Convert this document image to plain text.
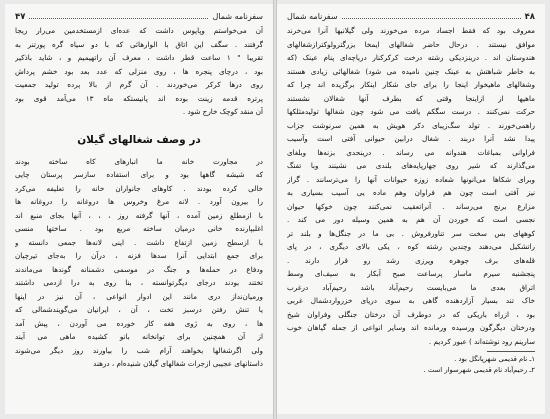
سفرنامه شمال
۴۷
آن می‌خواستم وپاپوس داشت که عده‌ای ازمستخدمین می‌رار ریجا
گرفتند . سگف این اتاق با الوارهائی که با دو سیاه گره پورتنر به
تقریبا " ۱ ساعت قطر داشت ، معرف آن راتهیمیم و ، شاید باذکیر
بود ، درچای پنجره ها ، روی منزلی که عدد بعد بود خشم پرداش
روی درها کرکر می‌خوردند . آن گرم از بالا پرده تولید جمعیت
پرتره قدمه زینت بوده اند پانیستکه ماه ۱۳ می‌آمد قوی بود
آن منقد کوچک خارج شود .
در وصف شغالهای گیلان
در مجاورت خانه ما انبارهای کاه ساخته بودند
که شیشه گاهها بود و برای استفاده سازسر پرستان چایی
خالی کرده بودند . کاوهای جانواران خانه را تعلیفه می‌کرد
را بیرون آورد . لانه مرغ وخروس ها دروغانه را دروغانه ها
با ازمطلع زمین آمده ، آنها گرفته روز ، ، ، آنها بجای منبع اند
اغلبپارنده خانی درمیان ساخته مربع بود . ساختها منسی
با ازسطح زمین ازتفاع داشت . اینی لانه‌ها جمعی دانسته و
برای جمع ابتدایی آنرا سدها فزنه ، درآن را به‌جای تیرچیان
ودفاع در حمله‌ها و جنگ در موسمی دشمنانه گوندها می‌ماندند
تختند بودند درجای دیگرتوانسته ، بنا روی به درا ازدمی داشتند
ورمیان‌نداز دری مانند این ادوار انواعی ، آن نیز در اینها
یا تنش رفتن درسبز تخت ، آن ، ایرانیان می‌گویندشمالی که
ها ، روی به ژوی هغه کار خورده می آوردن ، پیش آمد
از آن همچنین برای توانخانه بانو کشیده ماهی می آیند
ولی اگرشغالها بخواهند آرام شب را بیاورند روز دیگر می‌شوند
داستانهای عجیبی ازجرات شغالهای گیلان شنیده‌ام ، درهند
۴۸
سفرنامه شمال
معروف بود که فقط اجساد مرده می‌خورند ولی گیلانیها آنرا می‌خرند
موافق نیستند . درحال حاضر شغالهای ایمخا بزرگترولوکترازشغالهای
هندوستان اند . درینزدیکی رشته درخت کرکرکنار دریاچه‌ای پنام عینک (که
به خاطر شباهتش به عینک چنین نامیده می شود) شغالهائی زیادی هستند
وشغالهای ماهیخوار اینجا را برای جای شکار اینکار برگزیده اند چرا که
ماهیها از ازاینجا وقتی که بطرف آنها شغالان نشستند
حرکت نمی‌کنند . درست سگکم یافت می شود چون شغالها تولیدمثلکها
راهمی‌خورند . تولد سگ‌زیبای دکر هویش به همین سرنوشت جزاب
پیدا نشد آنرا دربند . شغال درابین حیوانی آفتی است وآسیب
فراوانی بمباغات هندوانه می رساند . درینحدی بزنه‌ها وبلغای
می‌گذارند که شیر روی جهارپایه‌های بلندی می نشینند وبا تفنگ
وبرای شکاها می‌انونها شعاده زوزه حیوانات آنها را می‌ترسانند . گراز
نیز آفتی است چون هم فراوان وهم ماده یی آسیب بسیاری به
مزارع برنج می‌رساند . آنراتعقیب نمی‌کنند چون خوکها حیوان
نجسی است که خوردن آن هم به همین وسیله دور می کند .
کوههای بس سخت سر تناورفروش . بی ما در جنگل‌ها و بلند تر
راتشکیل می‌دهند وچندین رشته کوه ، یکی بالای دیگری ، در پای
قله‌های برف جوهره وپرزی رشد رو قرار دارند .
پنجشنبه‌ سیرم ماسار پرساعت صبح آبکار به سیف‌ای وسط
اتراق بعدی ما می‌بایست رحیم‌آباد باشد رحیم‌آباد درغرب
خاک تند بسیار آزاردهنده گاهی به سوی دریای خزرواردشمال غربی
بود ، ازراه باریکی که در دوطرف آن درختان جنگلی وفراوان شیخ
ودرختان دیگرگون ورسیده ورمانده اند وسایر انواعی از جمله گیاهان خوب
سارینم رود نوشته‌اند ) عبور کردیم .
۱ـ نام قدیمی شهرپانگل بود .
۲ـ رحیم‌آباد نام قدیمی شهرسوار است .
